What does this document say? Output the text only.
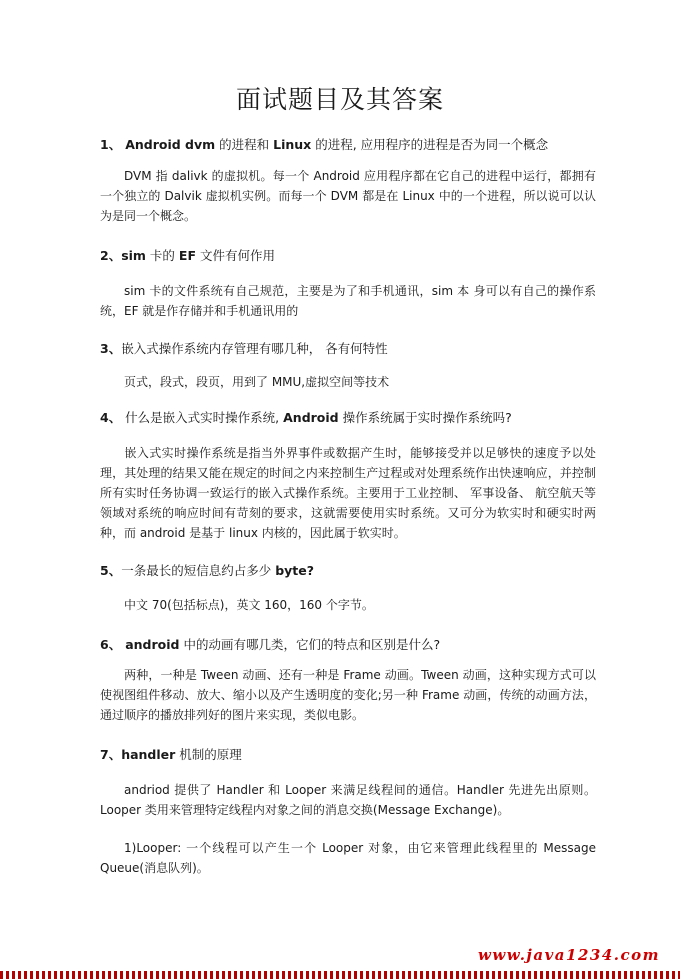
面试题目及其答案
1、 Android dvm 的进程和 Linux 的进程, 应用程序的进程是否为同一个概念
DVM 指 dalivk 的虚拟机。每一个 Android 应用程序都在它自己的进程中运行，都拥有一个独立的 Dalvik 虚拟机实例。而每一个 DVM 都是在 Linux 中的一个进程，所以说可以认为是同一个概念。
2、sim 卡的 EF 文件有何作用
sim 卡的文件系统有自己规范，主要是为了和手机通讯，sim 本 身可以有自己的操作系统，EF 就是作存储并和手机通讯用的
3、嵌入式操作系统内存管理有哪几种， 各有何特性
页式，段式，段页，用到了 MMU,虚拟空间等技术
4、 什么是嵌入式实时操作系统, Android 操作系统属于实时操作系统吗?
嵌入式实时操作系统是指当外界事件或数据产生时，能够接受并以足够快的速度予以处理，其处理的结果又能在规定的时间之内来控制生产过程或对处理系统作出快速响应，并控制所有实时任务协调一致运行的嵌入式操作系统。主要用于工业控制、 军事设备、 航空航天等领域对系统的响应时间有苛刻的要求，这就需要使用实时系统。又可分为软实时和硬实时两种，而 android 是基于 linux 内核的，因此属于软实时。
5、一条最长的短信息约占多少 byte?
中文 70(包括标点)，英文 160，160 个字节。
6、 android 中的动画有哪几类，它们的特点和区别是什么?
两种，一种是 Tween 动画、还有一种是 Frame 动画。Tween 动画，这种实现方式可以使视图组件移动、放大、缩小以及产生透明度的变化;另一种 Frame 动画，传统的动画方法，通过顺序的播放排列好的图片来实现，类似电影。
7、handler 机制的原理
andriod 提供了 Handler 和 Looper 来满足线程间的通信。Handler 先进先出原则。Looper 类用来管理特定线程内对象之间的消息交换(Message Exchange)。
1)Looper: 一个线程可以产生一个 Looper 对象，由它来管理此线程里的 Message Queue(消息队列)。
www.java1234.com
